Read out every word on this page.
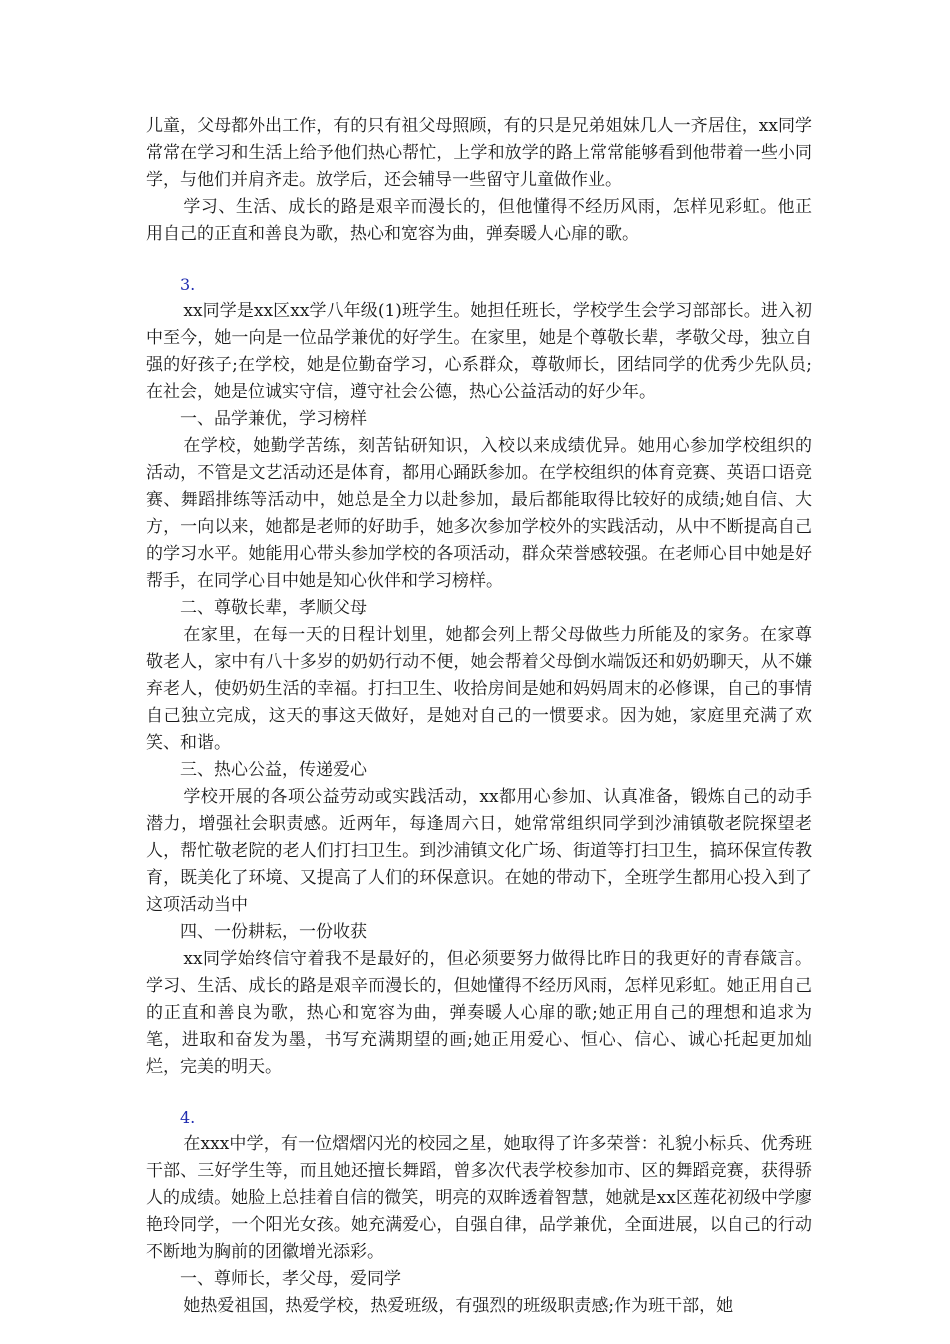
儿童，父母都外出工作，有的只有祖父母照顾，有的只是兄弟姐妹几人一齐居住，xx同学常常在学习和生活上给予他们热心帮忙，上学和放学的路上常常能够看到他带着一些小同学，与他们并肩齐走。放学后，还会辅导一些留守儿童做作业。

学习、生活、成长的路是艰辛而漫长的，但他懂得不经历风雨，怎样见彩虹。他正用自己的正直和善良为歌，热心和宽容为曲，弹奏暖人心扉的歌。

3.

xx同学是xx区xx学八年级(1)班学生。她担任班长，学校学生会学习部部长。进入初中至今，她一向是一位品学兼优的好学生。在家里，她是个尊敬长辈，孝敬父母，独立自强的好孩子;在学校，她是位勤奋学习，心系群众，尊敬师长，团结同学的优秀少先队员;在社会，她是位诚实守信，遵守社会公德，热心公益活动的好少年。

一、品学兼优，学习榜样

在学校，她勤学苦练，刻苦钻研知识，入校以来成绩优异。她用心参加学校组织的活动，不管是文艺活动还是体育，都用心踊跃参加。在学校组织的体育竞赛、英语口语竞赛、舞蹈排练等活动中，她总是全力以赴参加，最后都能取得比较好的成绩;她自信、大方，一向以来，她都是老师的好助手，她多次参加学校外的实践活动，从中不断提高自己的学习水平。她能用心带头参加学校的各项活动，群众荣誉感较强。在老师心目中她是好帮手，在同学心目中她是知心伙伴和学习榜样。

二、尊敬长辈，孝顺父母

在家里，在每一天的日程计划里，她都会列上帮父母做些力所能及的家务。在家尊敬老人，家中有八十多岁的奶奶行动不便，她会帮着父母倒水端饭还和奶奶聊天，从不嫌弃老人，使奶奶生活的幸福。打扫卫生、收拾房间是她和妈妈周末的必修课，自己的事情自己独立完成，这天的事这天做好，是她对自己的一惯要求。因为她，家庭里充满了欢笑、和谐。

三、热心公益，传递爱心

学校开展的各项公益劳动或实践活动，xx都用心参加、认真准备，锻炼自己的动手潜力，增强社会职责感。近两年，每逢周六日，她常常组织同学到沙浦镇敬老院探望老人，帮忙敬老院的老人们打扫卫生。到沙浦镇文化广场、街道等打扫卫生，搞环保宣传教育，既美化了环境、又提高了人们的环保意识。在她的带动下，全班学生都用心投入到了这项活动当中

四、一份耕耘，一份收获

xx同学始终信守着我不是最好的，但必须要努力做得比昨日的我更好的青春箴言。学习、生活、成长的路是艰辛而漫长的，但她懂得不经历风雨，怎样见彩虹。她正用自己的正直和善良为歌，热心和宽容为曲，弹奏暖人心扉的歌;她正用自己的理想和追求为笔，进取和奋发为墨，书写充满期望的画;她正用爱心、恒心、信心、诚心托起更加灿烂，完美的明天。

4.

在xxx中学，有一位熠熠闪光的校园之星，她取得了许多荣誉：礼貌小标兵、优秀班干部、三好学生等，而且她还擅长舞蹈，曾多次代表学校参加市、区的舞蹈竞赛，获得骄人的成绩。她脸上总挂着自信的微笑，明亮的双眸透着智慧，她就是xx区莲花初级中学廖艳玲同学，一个阳光女孩。她充满爱心，自强自律，品学兼优，全面进展，以自己的行动不断地为胸前的团徽增光添彩。

一、尊师长，孝父母，爱同学

她热爱祖国，热爱学校，热爱班级，有强烈的班级职责感;作为班干部，她
